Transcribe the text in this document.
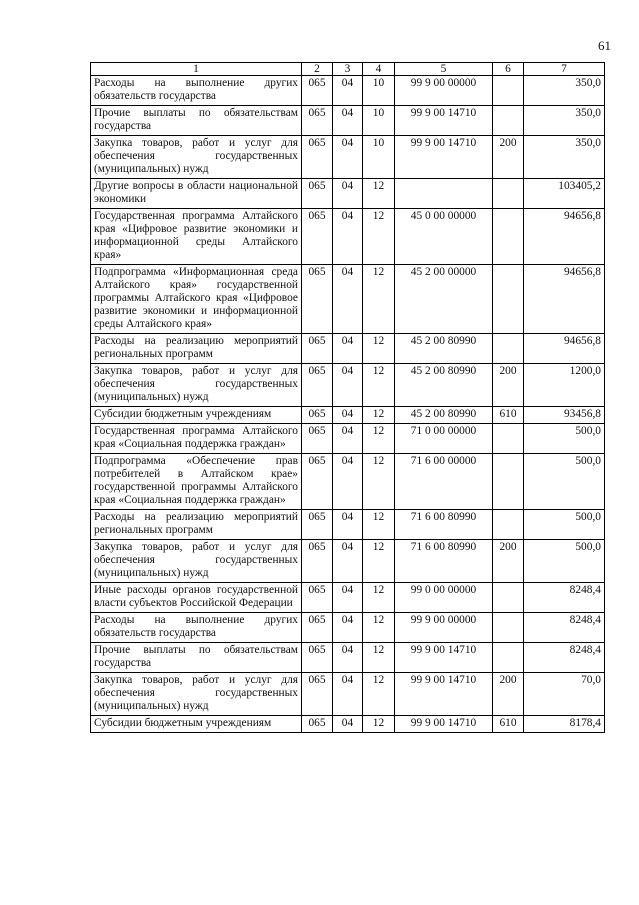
61
1	2	3	4	5	6	7
Расходы на выполнение других обязательств государства	065	04	10	99 9 00 00000		350,0
Прочие выплаты по обязательствам государства	065	04	10	99 9 00 14710		350,0
Закупка товаров, работ и услуг для обеспечения государственных (муниципальных) нужд	065	04	10	99 9 00 14710	200	350,0
Другие вопросы в области национальной экономики	065	04	12			103405,2
Государственная программа Алтайского края «Цифровое развитие экономики и информационной среды Алтайского края»	065	04	12	45 0 00 00000		94656,8
Подпрограмма «Информационная среда Алтайского края» государственной программы Алтайского края «Цифровое развитие экономики и информационной среды Алтайского края»	065	04	12	45 2 00 00000		94656,8
Расходы на реализацию мероприятий региональных программ	065	04	12	45 2 00 80990		94656,8
Закупка товаров, работ и услуг для обеспечения государственных (муниципальных) нужд	065	04	12	45 2 00 80990	200	1200,0
Субсидии бюджетным учреждениям	065	04	12	45 2 00 80990	610	93456,8
Государственная программа Алтайского края «Социальная поддержка граждан»	065	04	12	71 0 00 00000		500,0
Подпрограмма «Обеспечение прав потребителей в Алтайском крае» государственной программы Алтайского края «Социальная поддержка граждан»	065	04	12	71 6 00 00000		500,0
Расходы на реализацию мероприятий региональных программ	065	04	12	71 6 00 80990		500,0
Закупка товаров, работ и услуг для обеспечения государственных (муниципальных) нужд	065	04	12	71 6 00 80990	200	500,0
Иные расходы органов государственной власти субъектов Российской Федерации	065	04	12	99 0 00 00000		8248,4
Расходы на выполнение других обязательств государства	065	04	12	99 9 00 00000		8248,4
Прочие выплаты по обязательствам государства	065	04	12	99 9 00 14710		8248,4
Закупка товаров, работ и услуг для обеспечения государственных (муниципальных) нужд	065	04	12	99 9 00 14710	200	70,0
Субсидии бюджетным учреждениям	065	04	12	99 9 00 14710	610	8178,4
